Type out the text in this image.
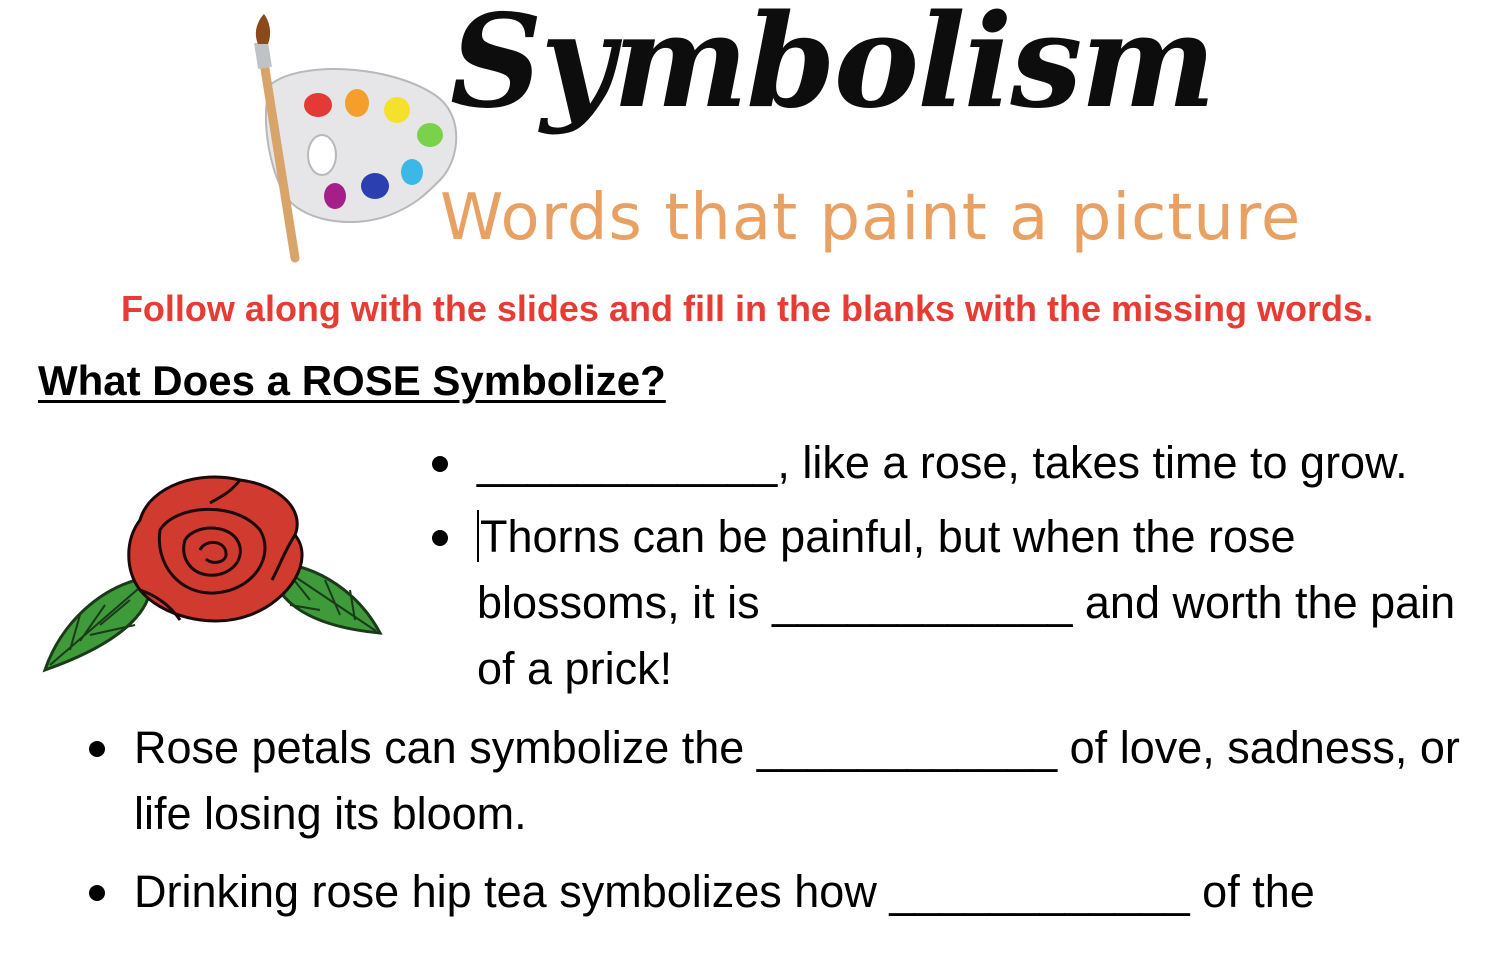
Symbolism
Words that paint a picture
Follow along with the slides and fill in the blanks with the missing words.
What Does a ROSE Symbolize?
____________, like a rose, takes time to grow.
Thorns can be painful, but when the rose blossoms, it is ____________ and worth the pain of a prick!
Rose petals can symbolize the ____________ of love, sadness, or life losing its bloom.
Drinking rose hip tea symbolizes how ____________ of the
